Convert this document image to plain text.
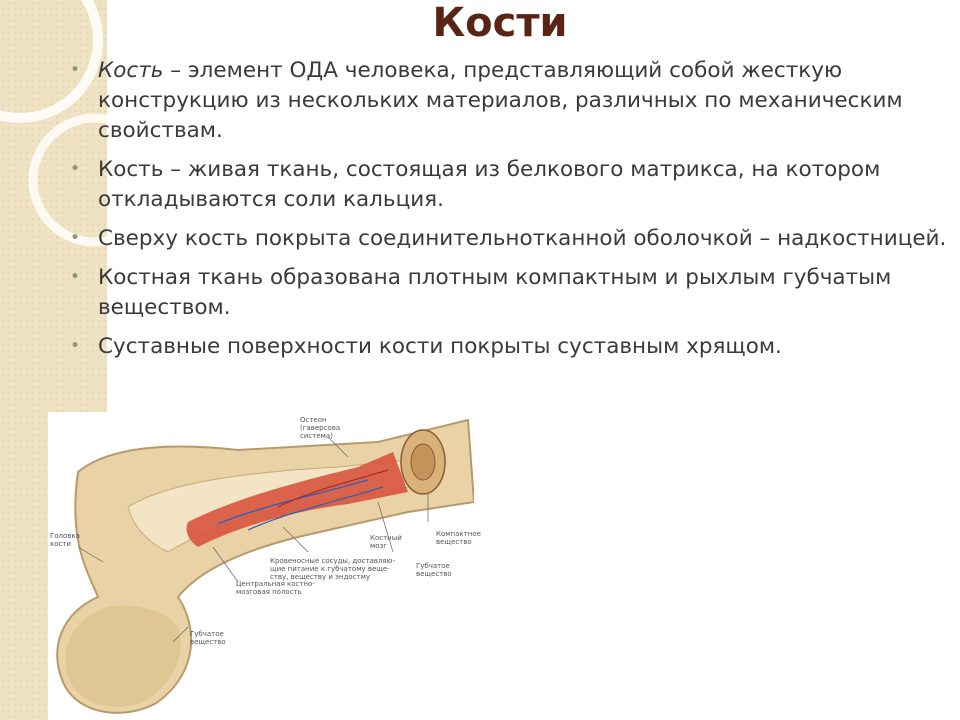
Кости
• Кость – элемент ОДА человека, представляющий собой жесткую конструкцию из нескольких материалов, различных по механическим свойствам.
• Кость – живая ткань, состоящая из белкового матрикса, на котором откладываются соли кальция.
• Сверху кость покрыта соединительнотканной оболочкой – надкостницей.
• Костная ткань образована плотным компактным и рыхлым губчатым веществом.
• Суставные поверхности кости покрыты суставным хрящом.
Остеон
(гаверсова
система)
Компактное
вещество
Костный
мозг
Губчатое
вещество
Кровеносные сосуды, доставляю-
щие питание к губчатому веще-
ству, веществу и эндостму
Центральная костно-
мозговая полость
Головка
кости
Губчатое
вещество
